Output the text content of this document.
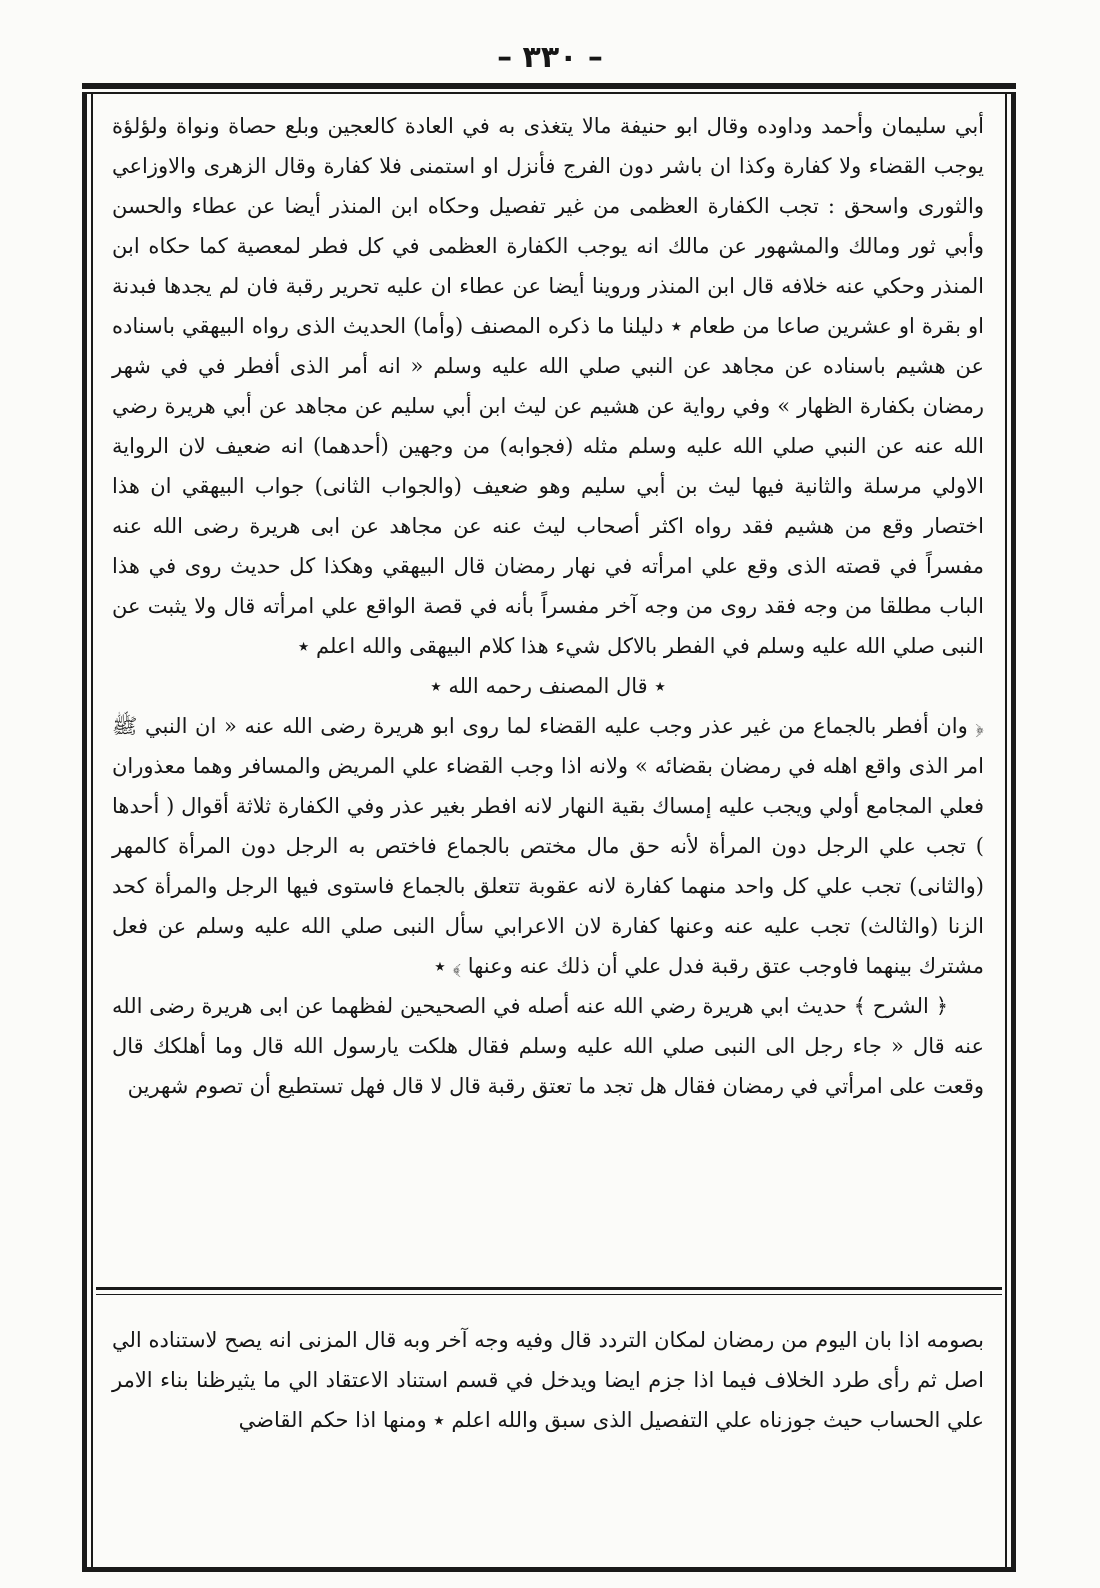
– ٣٣٠ –

أبي سليمان وأحمد وداوده وقال ابو حنيفة مالا يتغذى به في العادة كالعجين وبلع حصاة ونواة ولؤلؤة يوجب القضاء ولا كفارة وكذا ان باشر دون الفرج فأنزل او استمنى فلا كفارة وقال الزهرى والاوزاعي والثورى واسحق : تجب الكفارة العظمى من غير تفصيل وحكاه ابن المنذر أيضا عن عطاء والحسن وأبي ثور ومالك والمشهور عن مالك انه يوجب الكفارة العظمى في كل فطر لمعصية كما حكاه ابن المنذر وحكي عنه خلافه قال ابن المنذر وروينا أيضا عن عطاء ان عليه تحرير رقبة فان لم يجدها فبدنة او بقرة او عشرين صاعا من طعام ٭ دليلنا ما ذكره المصنف (وأما) الحديث الذى رواه البيهقي باسناده عن هشيم باسناده عن مجاهد عن النبي صلي الله عليه وسلم « انه أمر الذى أفطر في في شهر رمضان بكفارة الظهار » وفي رواية عن هشيم عن ليث ابن أبي سليم عن مجاهد عن أبي هريرة رضي الله عنه عن النبي صلي الله عليه وسلم مثله (فجوابه) من وجهين (أحدهما) انه ضعيف لان الرواية الاولي مرسلة والثانية فيها ليث بن أبي سليم وهو ضعيف (والجواب الثانى) جواب البيهقي ان هذا اختصار وقع من هشيم فقد رواه اكثر أصحاب ليث عنه عن مجاهد عن ابى هريرة رضى الله عنه مفسراً في قصته الذى وقع علي امرأته في نهار رمضان قال البيهقي وهكذا كل حديث روى في هذا الباب مطلقا من وجه فقد روى من وجه آخر مفسراً بأنه في قصة الواقع علي امرأته قال ولا يثبت عن النبى صلي الله عليه وسلم في الفطر بالاكل شيء هذا كلام البيهقى والله اعلم ٭

٭ قال المصنف رحمه الله ٭

﴿ وان أفطر بالجماع من غير عذر وجب عليه القضاء لما روى ابو هريرة رضى الله عنه « ان النبي ﷺ امر الذى واقع اهله في رمضان بقضائه » ولانه اذا وجب القضاء علي المريض والمسافر وهما معذوران فعلي المجامع أولي ويجب عليه إمساك بقية النهار لانه افطر بغير عذر وفي الكفارة ثلاثة أقوال ( أحدها ) تجب علي الرجل دون المرأة لأنه حق مال مختص بالجماع فاختص به الرجل دون المرأة كالمهر (والثانى) تجب علي كل واحد منهما كفارة لانه عقوبة تتعلق بالجماع فاستوى فيها الرجل والمرأة كحد الزنا (والثالث) تجب عليه عنه وعنها كفارة لان الاعرابي سأل النبى صلي الله عليه وسلم عن فعل مشترك بينهما فاوجب عتق رقبة فدل علي أن ذلك عنه وعنها ﴾ ٭

﴿ الشرح ﴾ حديث ابي هريرة رضي الله عنه أصله في الصحيحين لفظهما عن ابى هريرة رضى الله عنه قال « جاء رجل الى النبى صلي الله عليه وسلم فقال هلكت يارسول الله قال وما أهلكك قال وقعت على امرأتي في رمضان فقال هل تجد ما تعتق رقبة قال لا قال فهل تستطيع أن تصوم شهرين

بصومه اذا بان اليوم من رمضان لمكان التردد قال وفيه وجه آخر وبه قال المزنى انه يصح لاستناده الي اصل ثم رأى طرد الخلاف فيما اذا جزم ايضا ويدخل في قسم استناد الاعتقاد الي ما يثيرظنا بناء الامر علي الحساب حيث جوزناه علي التفصيل الذى سبق والله اعلم ٭ ومنها اذا حكم القاضي
